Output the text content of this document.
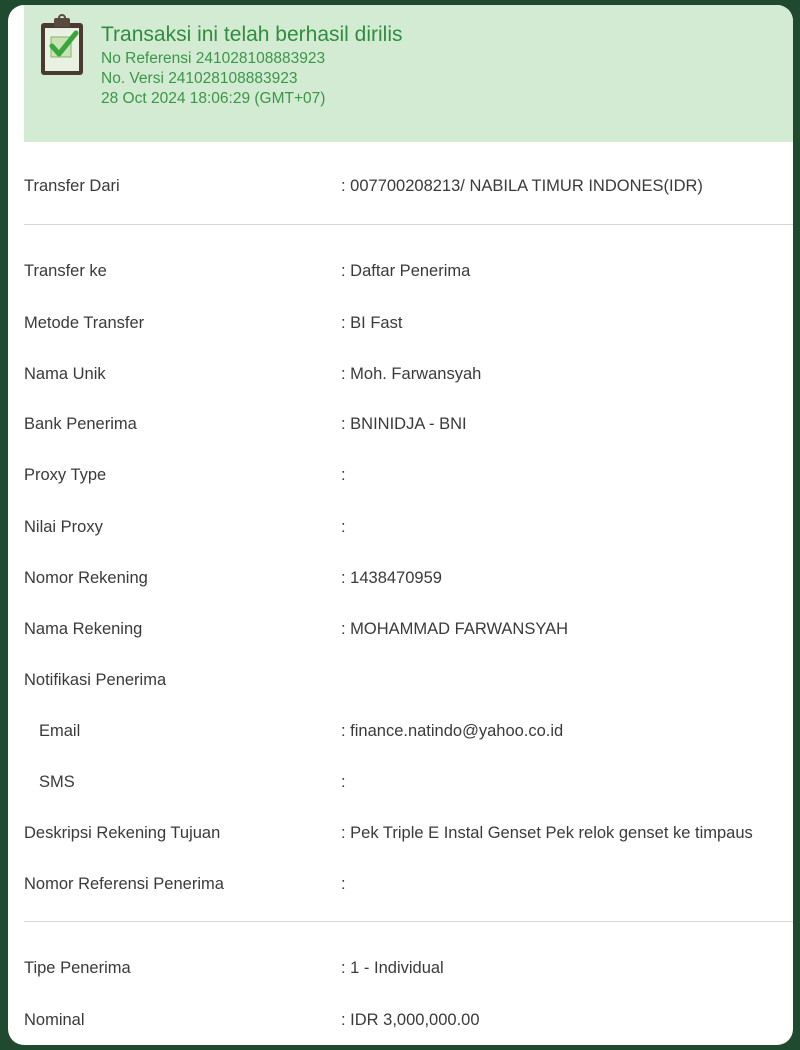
Transaksi ini telah berhasil dirilis
No Referensi 241028108883923
No. Versi 241028108883923
28 Oct 2024 18:06:29 (GMT+07)
Transfer Dari	: 007700208213/ NABILA TIMUR INDONES(IDR)
Transfer ke	: Daftar Penerima
Metode Transfer	: BI Fast
Nama Unik	: Moh. Farwansyah
Bank Penerima	: BNINIDJA - BNI
Proxy Type	:
Nilai Proxy	:
Nomor Rekening	: 1438470959
Nama Rekening	: MOHAMMAD FARWANSYAH
Notifikasi Penerima
Email	: finance.natindo@yahoo.co.id
SMS	:
Deskripsi Rekening Tujuan	: Pek Triple E Instal Genset Pek relok genset ke timpaus
Nomor Referensi Penerima	:
Tipe Penerima	: 1 - Individual
Nominal	: IDR 3,000,000.00
